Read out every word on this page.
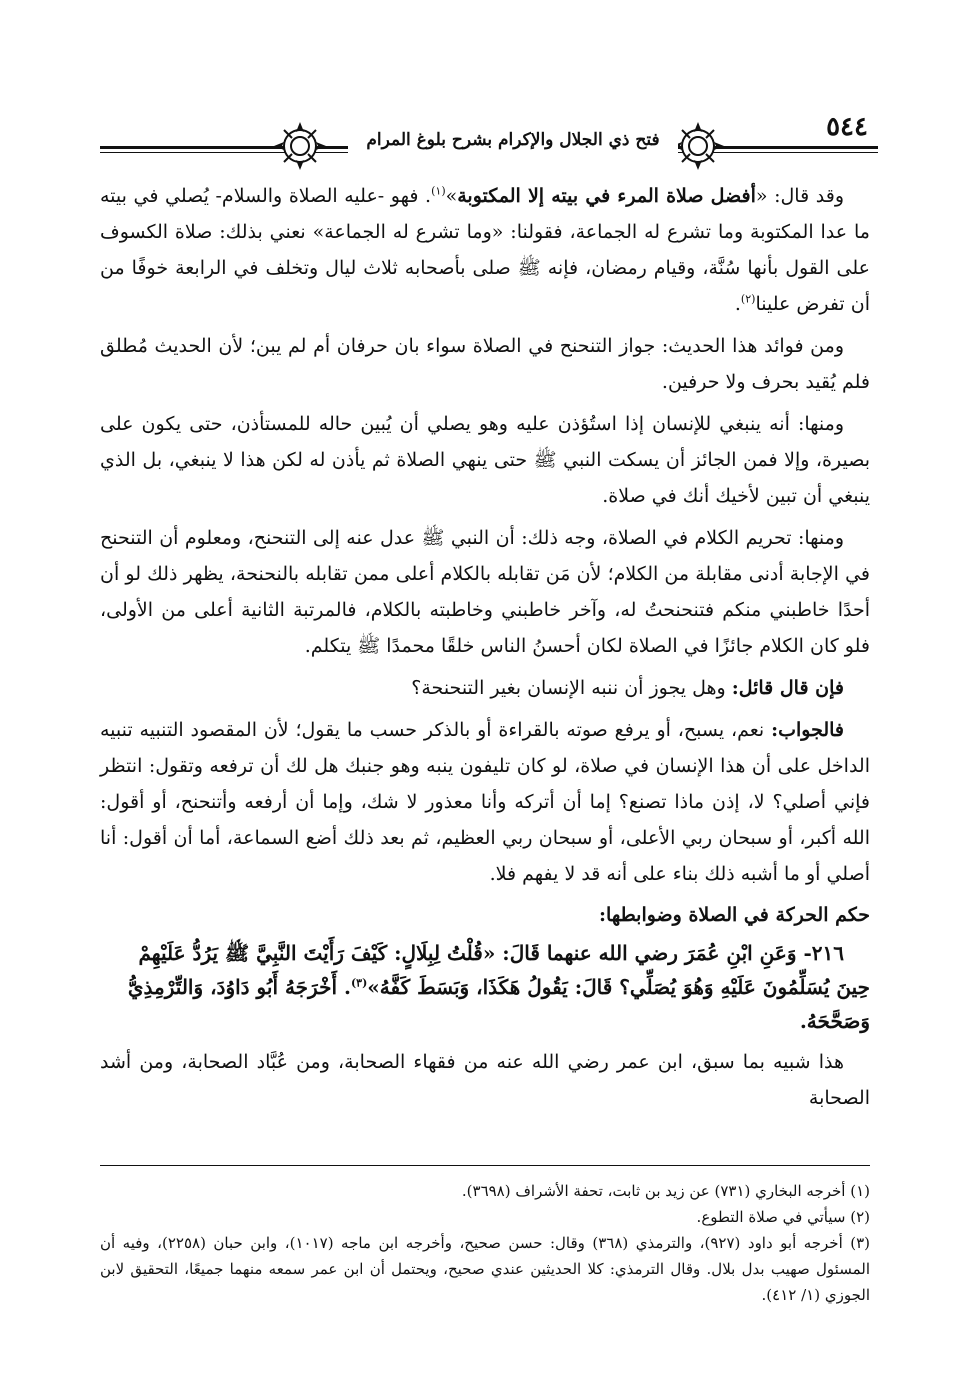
فتح ذي الجلال والإكرام بشرح بلوغ المرام	٥٤٤

وقد قال: «أفضل صلاة المرء في بيته إلا المكتوبة»$^{(١)}$. فهو -عليه الصلاة والسلام- يُصلي في بيته ما عدا المكتوبة وما تشرع له الجماعة، فقولنا: «وما تشرع له الجماعة» نعني بذلك: صلاة الكسوف على القول بأنها سُنَّة، وقيام رمضان، فإنه ﷺ صلى بأصحابه ثلاث ليال وتخلف في الرابعة خوفًا من أن تفرض علينا$^{(٢)}$.

ومن فوائد هذا الحديث: جواز التنحنح في الصلاة سواء بان حرفان أم لم يبن؛ لأن الحديث مُطلق فلم يُقيد بحرف ولا حرفين.

ومنها: أنه ينبغي للإنسان إذا استُؤذن عليه وهو يصلي أن يُبين حاله للمستأذن، حتى يكون على بصيرة، وإلا فمن الجائز أن يسكت النبي ﷺ حتى ينهي الصلاة ثم يأذن له لكن هذا لا ينبغي، بل الذي ينبغي أن تبين لأخيك أنك في صلاة.

ومنها: تحريم الكلام في الصلاة، وجه ذلك: أن النبي ﷺ عدل عنه إلى التنحنح، ومعلوم أن التنحنح في الإجابة أدنى مقابلة من الكلام؛ لأن مَن تقابله بالكلام أعلى ممن تقابله بالنحنحة، يظهر ذلك لو أن أحدًا خاطبني منكم فتنحنحتُ له، وآخر خاطبني وخاطبته بالكلام، فالمرتبة الثانية أعلى من الأولى، فلو كان الكلام جائزًا في الصلاة لكان أحسنُ الناس خلقًا محمدًا ﷺ يتكلم.

فإن قال قائل: وهل يجوز أن ننبه الإنسان بغير التنحنحة؟

فالجواب: نعم، يسبح، أو يرفع صوته بالقراءة أو بالذكر حسب ما يقول؛ لأن المقصود التنبيه تنبيه الداخل على أن هذا الإنسان في صلاة، لو كان تليفون ينبه وهو جنبك هل لك أن ترفعه وتقول: انتظر فإني أصلي؟ لا، إذن ماذا تصنع؟ إما أن أتركه وأنا معذور لا شك، وإما أن أرفعه وأتنحنح، أو أقول: الله أكبر، أو سبحان ربي الأعلى، أو سبحان ربي العظيم، ثم بعد ذلك أضع السماعة، أما أن أقول: أنا أصلي أو ما أشبه ذلك بناء على أنه قد لا يفهم فلا.

حكم الحركة في الصلاة وضوابطها:

٢١٦- وَعَنِ ابْنِ عُمَرَ رضي الله عنهما قَالَ: «قُلْتُ لِبِلَالٍ: كَيْفَ رَأَيْتَ النَّبِيَّ ﷺ يَرُدُّ عَلَيْهِمْ حِينَ يُسَلِّمُونَ عَلَيْهِ وَهُوَ يُصَلِّي؟ قَالَ: يَقُولُ هَكَذَا، وَبَسَطَ كَفَّهُ»$^{(٣)}$. أَخْرَجَهُ أَبُو دَاوُدَ، وَالتِّرْمِذِيُّ وَصَحَّحَهُ.

هذا شبيه بما سبق، ابن عمر رضي الله عنه من فقهاء الصحابة، ومن عُبَّاد الصحابة، ومن أشد الصحابة

(١) أخرجه البخاري (٧٣١) عن زيد بن ثابت، تحفة الأشراف (٣٦٩٨).

(٢) سيأتي في صلاة التطوع.

(٣) أخرجه أبو داود (٩٢٧)، والترمذي (٣٦٨) وقال: حسن صحيح، وأخرجه ابن ماجه (١٠١٧)، وابن حبان (٢٢٥٨)، وفيه أن المسئول صهيب بدل بلال. وقال الترمذي: كلا الحديثين عندي صحيح، ويحتمل أن ابن عمر سمعه منهما جميعًا، التحقيق لابن الجوزي (١/ ٤١٢).
